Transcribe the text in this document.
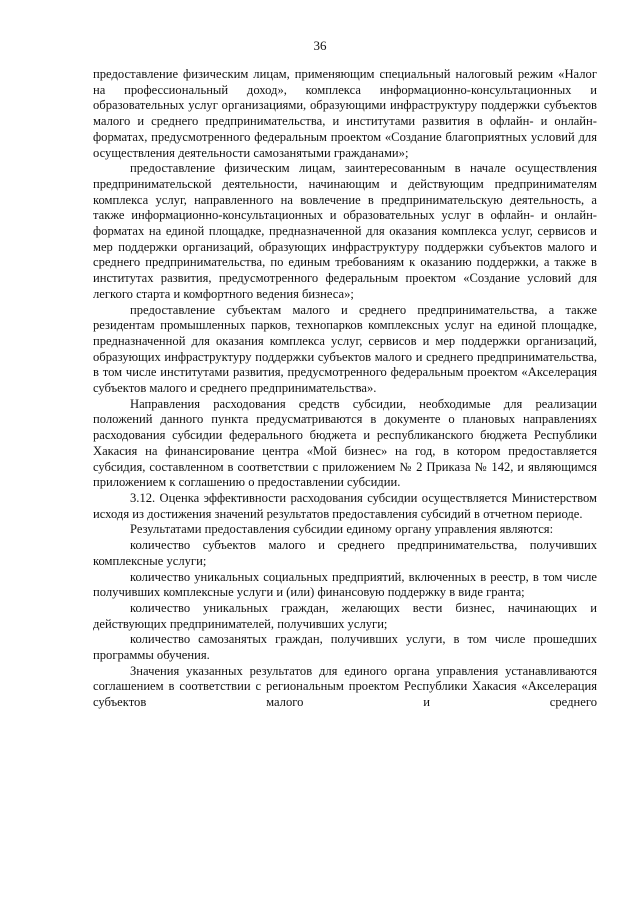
36

предоставление физическим лицам, применяющим специальный налоговый режим «Налог на профессиональный доход», комплекса информационно-консультационных и образовательных услуг организациями, образующими инфраструктуру поддержки субъектов малого и среднего предпринимательства, и институтами развития в офлайн- и онлайн-форматах, предусмотренного федеральным проектом «Создание благоприятных условий для осуществления деятельности самозанятыми гражданами»;

предоставление физическим лицам, заинтересованным в начале осуществления предпринимательской деятельности, начинающим и действующим предпринимателям комплекса услуг, направленного на вовлечение в предпринимательскую деятельность, а также информационно-консультационных и образовательных услуг в офлайн- и онлайн-форматах на единой площадке, предназначенной для оказания комплекса услуг, сервисов и мер поддержки организаций, образующих инфраструктуру поддержки субъектов малого и среднего предпринимательства, по единым требованиям к оказанию поддержки, а также в институтах развития, предусмотренного федеральным проектом «Создание условий для легкого старта и комфортного ведения бизнеса»;

предоставление субъектам малого и среднего предпринимательства, а также резидентам промышленных парков, технопарков комплексных услуг на единой площадке, предназначенной для оказания комплекса услуг, сервисов и мер поддержки организаций, образующих инфраструктуру поддержки субъектов малого и среднего предпринимательства, в том числе институтами развития, предусмотренного федеральным проектом «Акселерация субъектов малого и среднего предпринимательства».

Направления расходования средств субсидии, необходимые для реализации положений данного пункта предусматриваются в документе о плановых направлениях расходования субсидии федерального бюджета и республиканского бюджета Республики Хакасия на финансирование центра «Мой бизнес» на год, в котором предоставляется субсидия, составленном в соответствии с приложением № 2 Приказа № 142, и являющимся приложением к соглашению о предоставлении субсидии.

3.12. Оценка эффективности расходования субсидии осуществляется Министерством исходя из достижения значений результатов предоставления субсидий в отчетном периоде.

Результатами предоставления субсидии единому органу управления являются:

количество субъектов малого и среднего предпринимательства, получивших комплексные услуги;

количество уникальных социальных предприятий, включенных в реестр, в том числе получивших комплексные услуги и (или) финансовую поддержку в виде гранта;

количество уникальных граждан, желающих вести бизнес, начинающих и действующих предпринимателей, получивших услуги;

количество самозанятых граждан, получивших услуги, в том числе прошедших программы обучения.

Значения указанных результатов для единого органа управления устанавливаются соглашением в соответствии с региональным проектом Республики Хакасия «Акселерация субъектов малого и среднего
